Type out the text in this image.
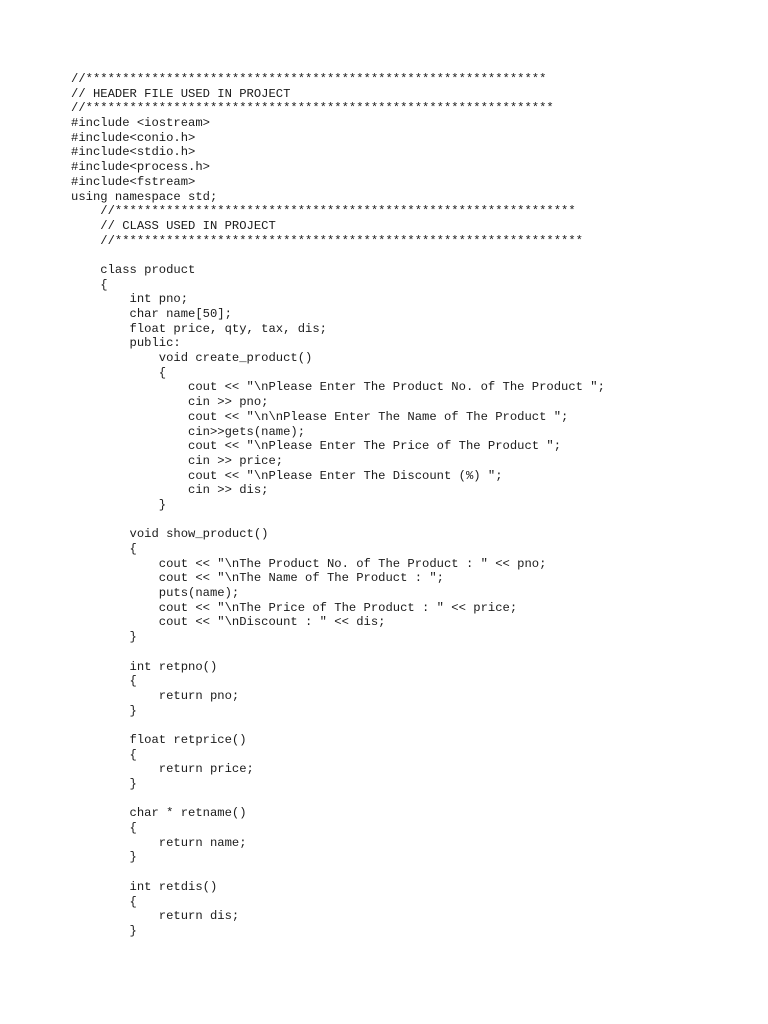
//***************************************************************
// HEADER FILE USED IN PROJECT
//****************************************************************
#include <iostream>
#include<conio.h>
#include<stdio.h>
#include<process.h>
#include<fstream>
using namespace std;
//***************************************************************
// CLASS USED IN PROJECT
//****************************************************************
class product
{
int pno;
char name[50];
float price, qty, tax, dis;
public:
void create_product()
{
cout << "\nPlease Enter The Product No. of The Product ";
cin >> pno;
cout << "\n\nPlease Enter The Name of The Product ";
cin>>gets(name);
cout << "\nPlease Enter The Price of The Product ";
cin >> price;
cout << "\nPlease Enter The Discount (%) ";
cin >> dis;
}
void show_product()
{
cout << "\nThe Product No. of The Product : " << pno;
cout << "\nThe Name of The Product : ";
puts(name);
cout << "\nThe Price of The Product : " << price;
cout << "\nDiscount : " << dis;
}
int retpno()
{
return pno;
}
float retprice()
{
return price;
}
char * retname()
{
return name;
}
int retdis()
{
return dis;
}
